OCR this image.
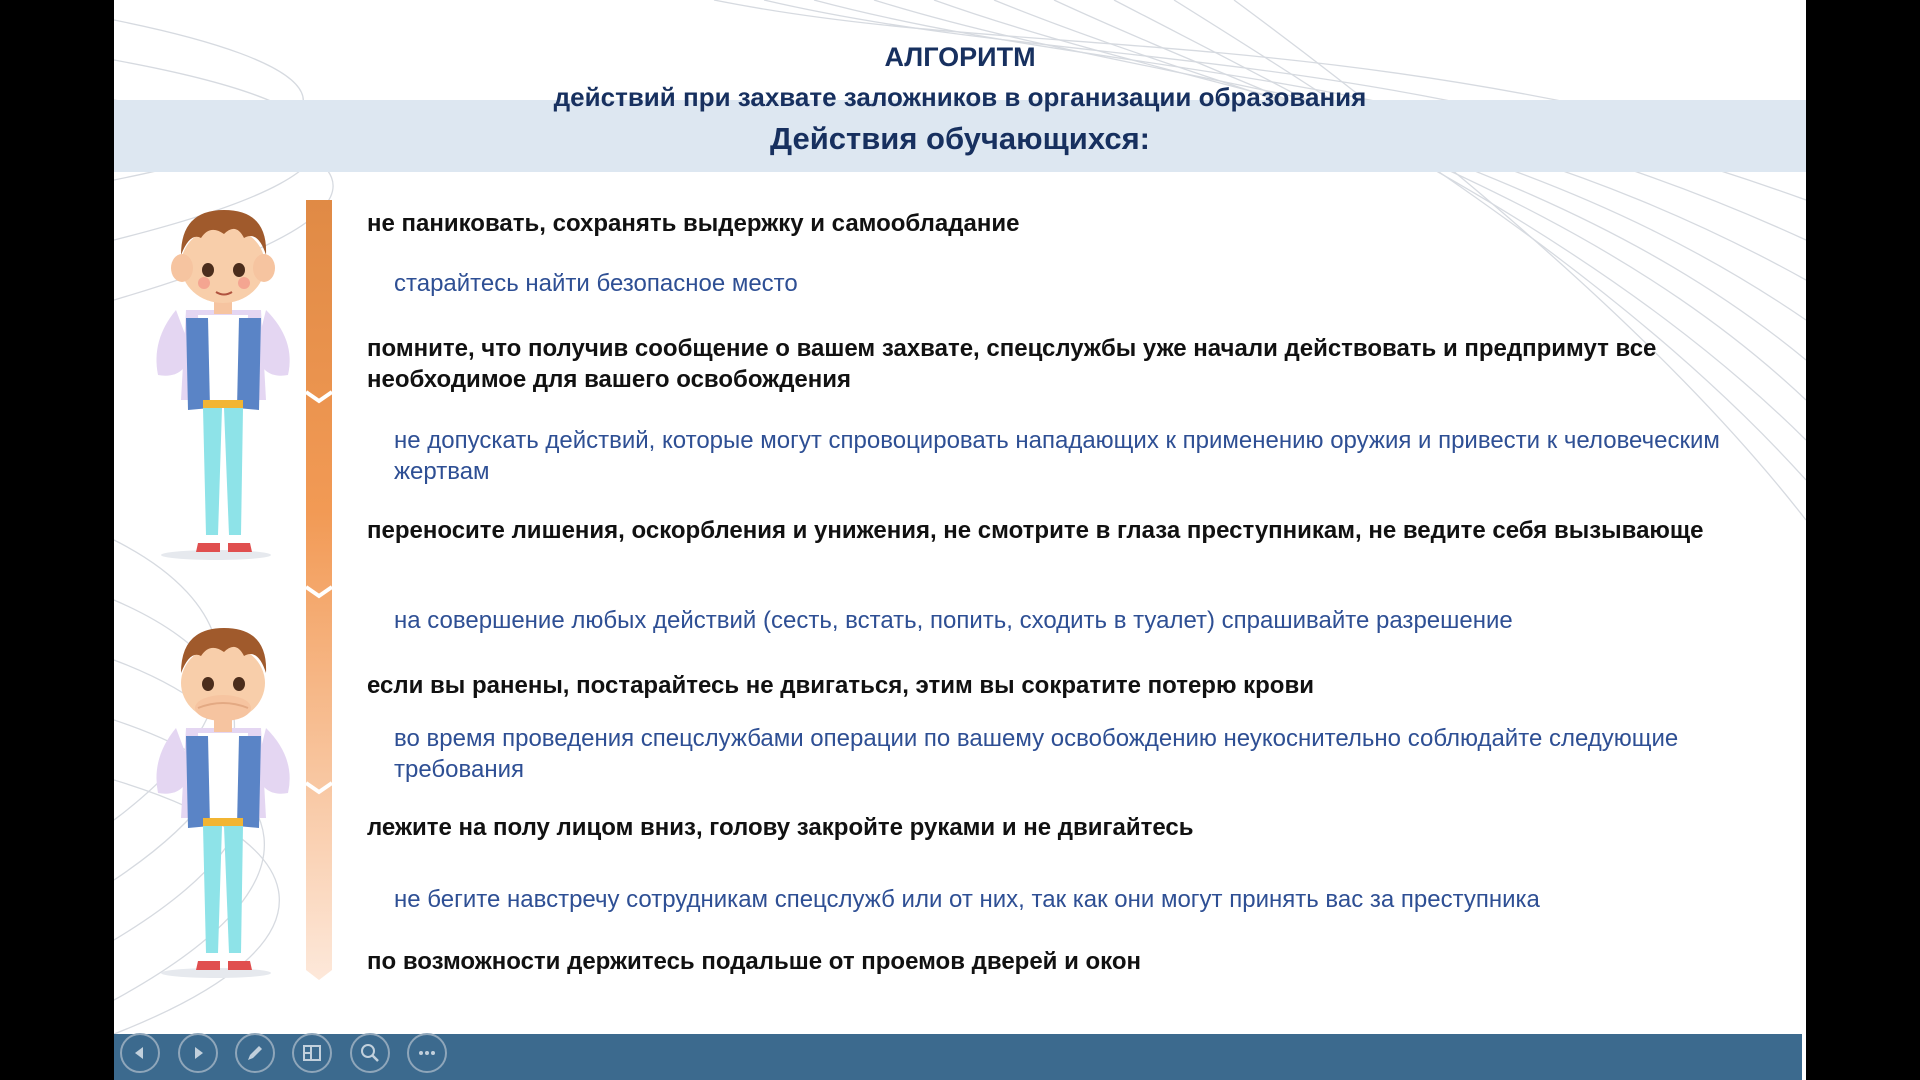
АЛГОРИТМ
действий при захвате заложников в организации образования
Действия обучающихся:
не паниковать, сохранять выдержку и самообладание
старайтесь найти безопасное место
помните, что получив сообщение о вашем захвате, спецслужбы уже начали действовать и предпримут все необходимое для вашего освобождения
не допускать действий, которые могут спровоцировать нападающих к применению оружия и привести к человеческим жертвам
переносите лишения, оскорбления и унижения, не смотрите в глаза преступникам, не ведите себя вызывающе
на совершение любых действий (сесть, встать, попить, сходить в туалет) спрашивайте разрешение
если вы ранены, постарайтесь не двигаться, этим вы сократите потерю крови
во время проведения спецслужбами операции по вашему освобождению неукоснительно соблюдайте следующие требования
лежите на полу лицом вниз, голову закройте руками и не двигайтесь
не бегите навстречу сотрудникам спецслужб или от них, так как они могут принять вас за преступника
по возможности держитесь подальше от проемов дверей и окон
